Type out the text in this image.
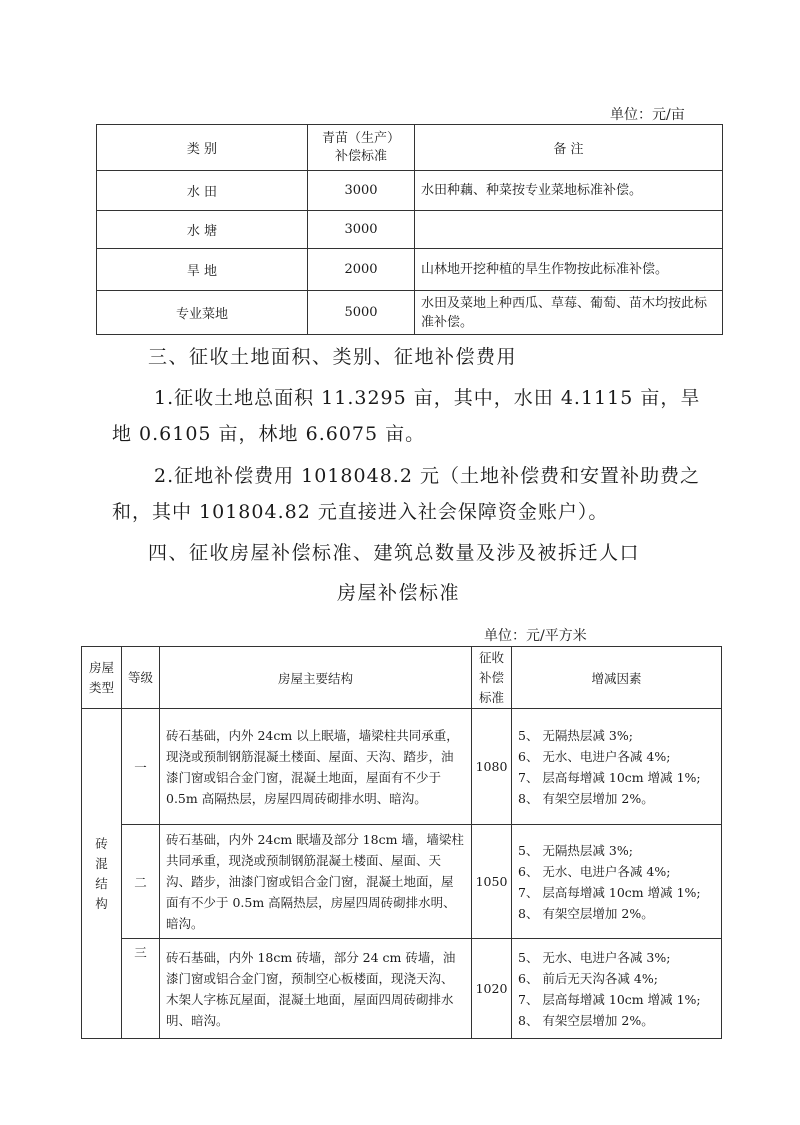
单位：元/亩
类 别	青苗（生产）补偿标准	备 注
水 田	3000	水田种藕、种菜按专业菜地标准补偿。
水 塘	3000	
旱 地	2000	山林地开挖种植的旱生作物按此标准补偿。
专业菜地	5000	水田及菜地上种西瓜、草莓、葡萄、苗木均按此标准补偿。
三、征收土地面积、类别、征地补偿费用
1.征收土地总面积 11.3295 亩，其中，水田 4.1115 亩，旱地 0.6105 亩，林地 6.6075 亩。
2.征地补偿费用 1018048.2 元（土地补偿费和安置补助费之和，其中 101804.82 元直接进入社会保障资金账户）。
四、征收房屋补偿标准、建筑总数量及涉及被拆迁人口
房屋补偿标准
单位：元/平方米
房屋类型	等级	房屋主要结构	征收补偿标准	增减因素
砖混结构	一	砖石基础，内外 24cm 以上眠墙，墙梁柱共同承重，现浇或预制钢筋混凝土楼面、屋面、天沟、踏步，油漆门窗或铝合金门窗，混凝土地面，屋面有不少于 0.5m 高隔热层，房屋四周砖砌排水明、暗沟。	1080	5、 无隔热层减 3%;
6、 无水、电进户各减 4%;
7、 层高每增减 10cm 增减 1%;
8、 有架空层增加 2%。

	二	砖石基础，内外 24cm 眠墙及部分 18cm 墙，墙梁柱共同承重，现浇或预制钢筋混凝土楼面、屋面、天沟、踏步，油漆门窗或铝合金门窗，混凝土地面，屋面有不少于 0.5m 高隔热层，房屋四周砖砌排水明、暗沟。	1050	5、 无隔热层减 3%;
6、 无水、电进户各减 4%;
7、 层高每增减 10cm 增减 1%;
8、 有架空层增加 2%。

	三	砖石基础，内外 18cm 砖墙，部分 24 cm 砖墙，油漆门窗或铝合金门窗，预制空心板楼面，现浇天沟、木架人字栋瓦屋面，混凝土地面，屋面四周砖砌排水明、暗沟。	1020	5、 无水、电进户各减 3%;
6、 前后无天沟各减 4%;
7、 层高每增减 10cm 增减 1%;
8、 有架空层增加 2%。
